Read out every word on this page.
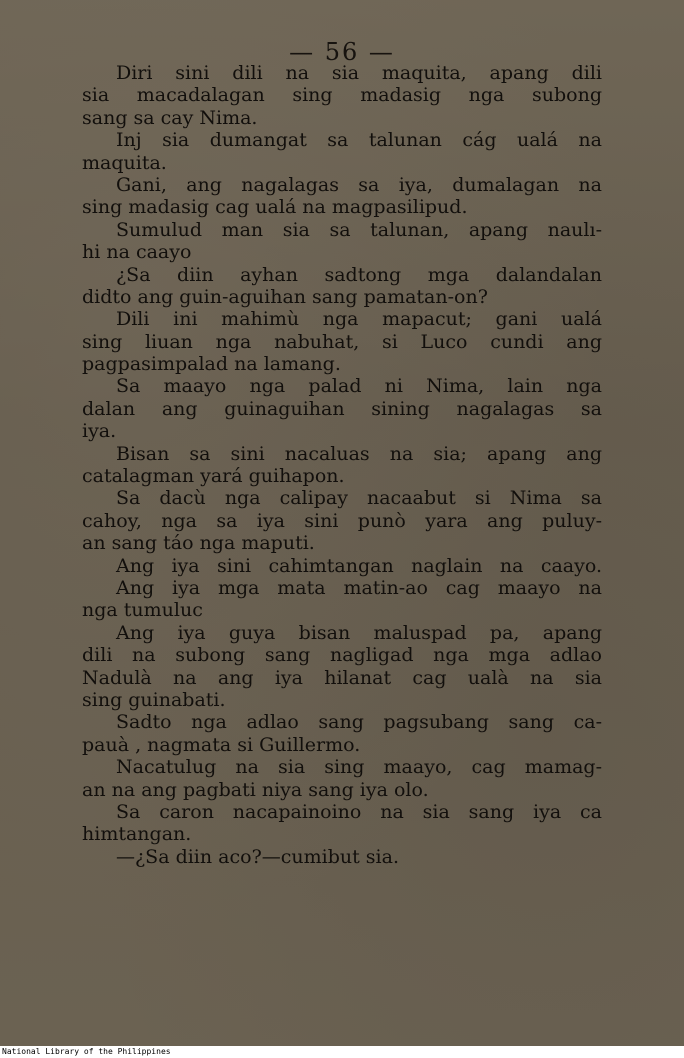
— 56 —
Diri sini dili na sia maquita, apang dili
sia macadalagan sing madasig nga subong
sang sa cay Nima.
Inj sia dumangat sa talunan cág ualá na
maquita.
Gani, ang nagalagas sa iya, dumalagan na
sing madasig cag ualá na magpasilipud.
Sumulud man sia sa talunan, apang naulı-
hi na caayo
¿Sa diin ayhan sadtong mga dalandalan
didto ang guin-aguihan sang pamatan-on?
Dili ini mahimù nga mapacut; gani ualá
sing liuan nga nabuhat, si Luco cundi ang
pagpasimpalad na lamang.
Sa maayo nga palad ni Nima, lain nga
dalan ang guinaguihan sining nagalagas sa
iya.
Bisan sa sini nacaluas na sia; apang ang
catalagman yará guihapon.
Sa dacù nga calipay nacaabut si Nima sa
cahoy, nga sa iya sini punò yara ang puluy-
an sang táo nga maputi.
Ang iya sini cahimtangan naglain na caayo.
Ang iya mga mata matin-ao cag maayo na
nga tumuluc
Ang iya guya bisan maluspad pa, apang
dili na subong sang nagligad nga mga adlao
Nadulà na ang iya hilanat cag ualà na sia
sing guinabati.
Sadto nga adlao sang pagsubang sang ca-
pauà , nagmata si Guillermo.
Nacatulug na sia sing maayo, cag mamag-
an na ang pagbati niya sang iya olo.
Sa caron nacapainoino na sia sang iya ca
himtangan.
—¿Sa diin aco?—cumibut sia.
National Library of the Philippines
